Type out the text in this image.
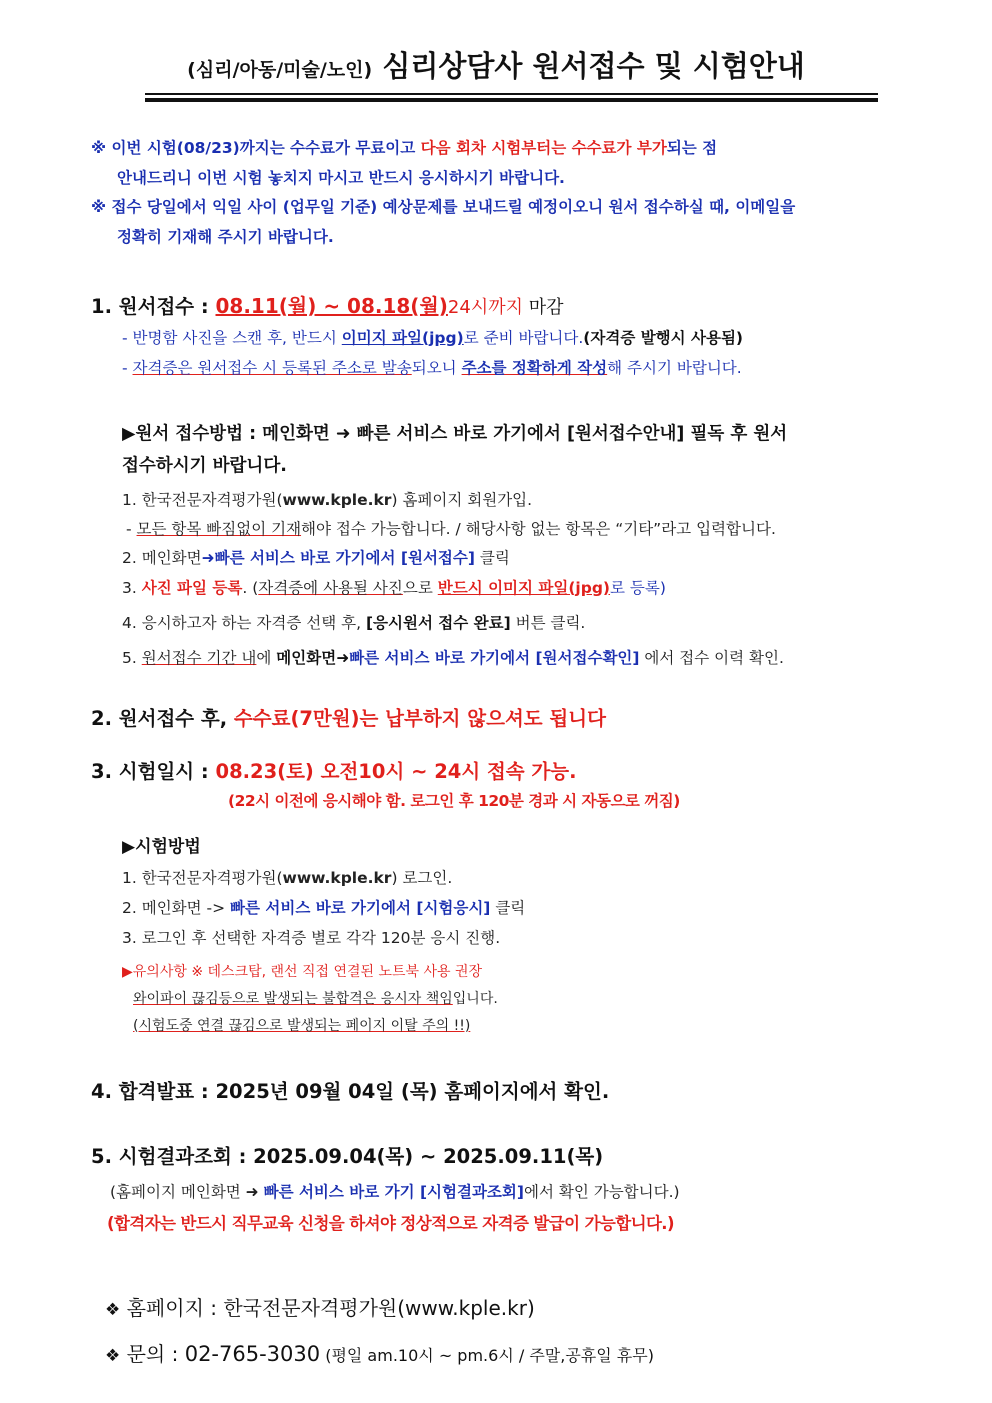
(심리/아동/미술/노인) 심리상담사 원서접수 및 시험안내
※ 이번 시험(08/23)까지는 수수료가 무료이고 다음 회차 시험부터는 수수료가 부가되는 점
안내드리니 이번 시험 놓치지 마시고 반드시 응시하시기 바랍니다.
※ 접수 당일에서 익일 사이 (업무일 기준) 예상문제를 보내드릴 예정이오니 원서 접수하실 때, 이메일을
정확히 기재해 주시기 바랍니다.
1. 원서접수 : 08.11(월) ~ 08.18(월)24시까지 마감
- 반명함 사진을 스캔 후, 반드시 이미지 파일(jpg)로 준비 바랍니다.(자격증 발행시 사용됨)
- 자격증은 원서접수 시 등록된 주소로 발송되오니 주소를 정확하게 작성해 주시기 바랍니다.
▶원서 접수방법 : 메인화면 ➜ 빠른 서비스 바로 가기에서 [원서접수안내] 필독 후 원서
접수하시기 바랍니다.
1. 한국전문자격평가원(www.kple.kr) 홈페이지 회원가입.
- 모든 항목 빠짐없이 기재해야 접수 가능합니다. / 해당사항 없는 항목은 “기타”라고 입력합니다.
2. 메인화면➜빠른 서비스 바로 가기에서 [원서접수] 클릭
3. 사진 파일 등록. (자격증에 사용될 사진으로 반드시 이미지 파일(jpg)로 등록)
4. 응시하고자 하는 자격증 선택 후, [응시원서 접수 완료] 버튼 클릭.
5. 원서접수 기간 내에 메인화면➜빠른 서비스 바로 가기에서 [원서접수확인] 에서 접수 이력 확인.
2. 원서접수 후, 수수료(7만원)는 납부하지 않으셔도 됩니다
3. 시험일시 : 08.23(토) 오전10시 ~ 24시 접속 가능.
(22시 이전에 응시해야 함. 로그인 후 120분 경과 시 자동으로 꺼짐)
▶시험방법
1. 한국전문자격평가원(www.kple.kr) 로그인.
2. 메인화면 -> 빠른 서비스 바로 가기에서 [시험응시] 클릭
3. 로그인 후 선택한 자격증 별로 각각 120분 응시 진행.
▶유의사항 ※ 데스크탑, 랜선 직접 연결된 노트북 사용 권장
와이파이 끊김등으로 발생되는 불합격은 응시자 책임입니다.
(시험도중 연결 끊김으로 발생되는 페이지 이탈 주의 !!)
4. 합격발표 : 2025년 09월 04일 (목) 홈페이지에서 확인.
5. 시험결과조회 : 2025.09.04(목) ~ 2025.09.11(목)
(홈페이지 메인화면 ➜ 빠른 서비스 바로 가기 [시험결과조회]에서 확인 가능합니다.)
(합격자는 반드시 직무교육 신청을 하셔야 정상적으로 자격증 발급이 가능합니다.)
❖ 홈페이지 : 한국전문자격평가원(www.kple.kr)
❖ 문의 : 02-765-3030 (평일 am.10시 ~ pm.6시 / 주말,공휴일 휴무)
